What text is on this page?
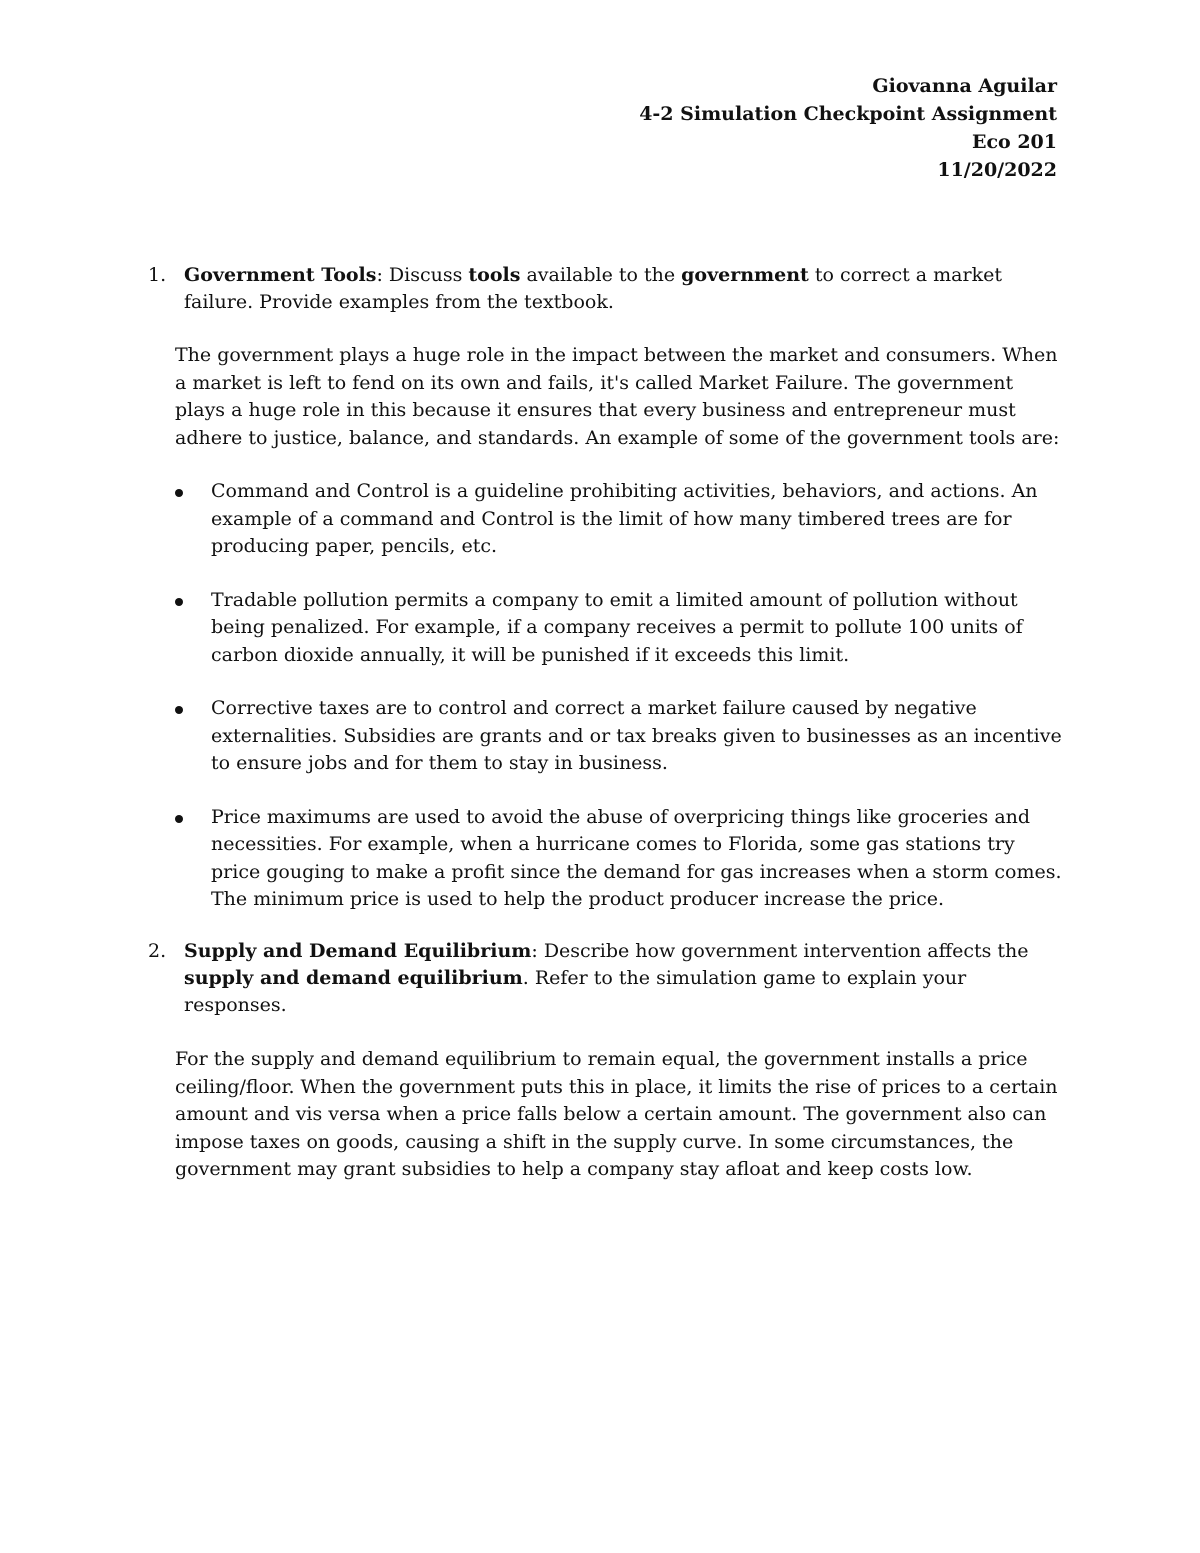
Giovanna Aguilar
4-2 Simulation Checkpoint Assignment
Eco 201
11/20/2022
1. Government Tools: Discuss tools available to the government to correct a market failure. Provide examples from the textbook.
The government plays a huge role in the impact between the market and consumers. When a market is left to fend on its own and fails, it's called Market Failure. The government plays a huge role in this because it ensures that every business and entrepreneur must adhere to justice, balance, and standards. An example of some of the government tools are:
Command and Control is a guideline prohibiting activities, behaviors, and actions. An example of a command and Control is the limit of how many timbered trees are for producing paper, pencils, etc.
Tradable pollution permits a company to emit a limited amount of pollution without being penalized. For example, if a company receives a permit to pollute 100 units of carbon dioxide annually, it will be punished if it exceeds this limit.
Corrective taxes are to control and correct a market failure caused by negative externalities. Subsidies are grants and or tax breaks given to businesses as an incentive to ensure jobs and for them to stay in business.
Price maximums are used to avoid the abuse of overpricing things like groceries and necessities. For example, when a hurricane comes to Florida, some gas stations try price gouging to make a profit since the demand for gas increases when a storm comes. The minimum price is used to help the product producer increase the price.
2. Supply and Demand Equilibrium: Describe how government intervention affects the supply and demand equilibrium. Refer to the simulation game to explain your responses.
For the supply and demand equilibrium to remain equal, the government installs a price ceiling/floor. When the government puts this in place, it limits the rise of prices to a certain amount and vis versa when a price falls below a certain amount. The government also can impose taxes on goods, causing a shift in the supply curve. In some circumstances, the government may grant subsidies to help a company stay afloat and keep costs low.
